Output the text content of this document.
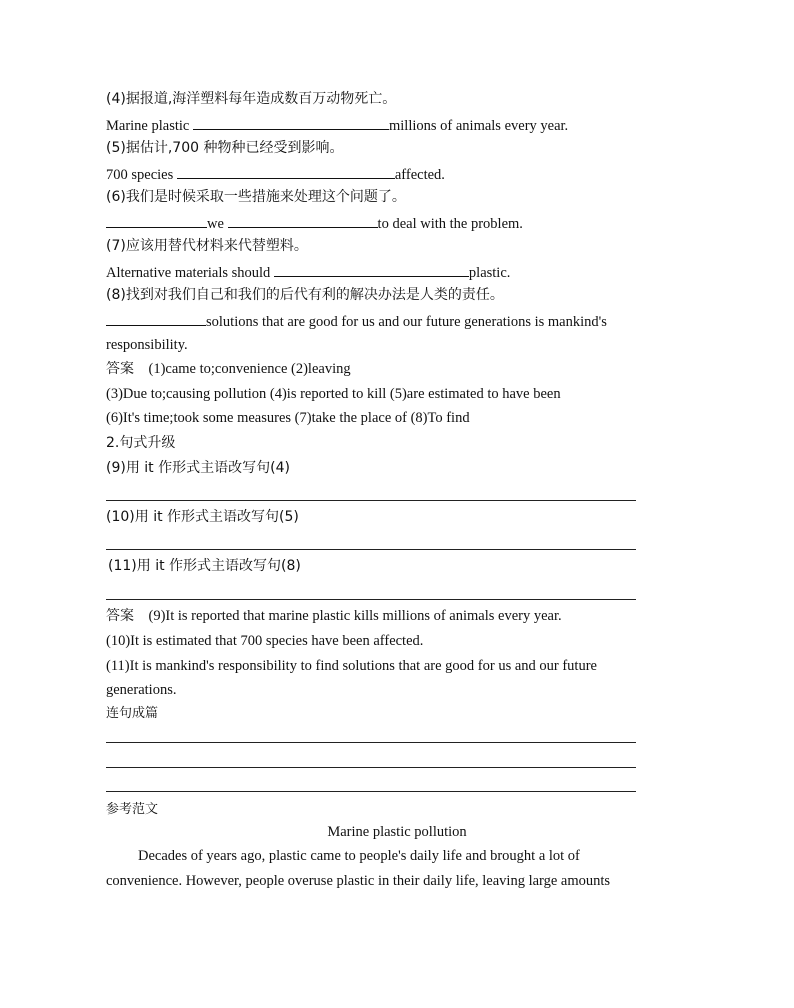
(4)据报道,海洋塑料每年造成数百万动物死亡。
Marine plastic	millions of animals every year.
(5)据估计,700 种物种已经受到影响。
700 species	affected.
(6)我们是时候采取一些措施来处理这个问题了。
we	to deal with the problem.
(7)应该用替代材料来代替塑料。
Alternative materials should	plastic.
(8)找到对我们自己和我们的后代有利的解决办法是人类的责任。
solutions that are good for us and our future generations is mankind's
responsibility.
答案 (1)came to;convenience (2)leaving
(3)Due to;causing pollution (4)is reported to kill (5)are estimated to have been
(6)It's time;took some measures (7)take the place of (8)To find
2.句式升级
(9)用 it 作形式主语改写句(4)
(10)用 it 作形式主语改写句(5)
(11)用 it 作形式主语改写句(8)
答案 (9)It is reported that marine plastic kills millions of animals every year.
(10)It is estimated that 700 species have been affected.
(11)It is mankind's responsibility to find solutions that are good for us and our future
generations.
连句成篇
参考范文
Marine plastic pollution
Decades of years ago, plastic came to people's daily life and brought a lot of
convenience. However, people overuse plastic in their daily life, leaving large amounts
